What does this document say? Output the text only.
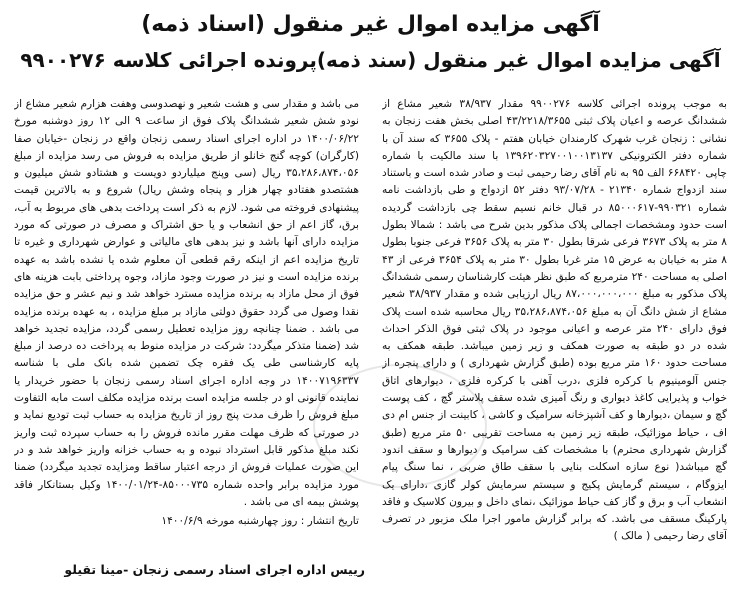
آگهی مزایده اموال غیر منقول (اسناد ذمه)
آگهی مزایده اموال غیر منقول (سند ذمه)پرونده اجرائی کلاسه ۹۹۰۰۲۷۶

به موجب پرونده اجرائی کلاسه ۹۹۰۰۲۷۶ مقدار ۳۸/۹۳۷ شعیر مشاع از ششدانگ عرصه و اعیان پلاک ثبتی ۴۳/۲۲۱۸/۳۶۵۵ اصلی بخش هفت زنجان به نشانی : زنجان غرب شهرک کارمندان خیابان هفتم - پلاک ۳۶۵۵ که سند آن با شماره دفتر الکترونیکی ۱۳۹۶۲۰۳۲۷۰۰۱۰۰۱۳۱۳۷ با سند مالکیت با شماره چاپی ۶۶۸۴۲۰ الف ۹۵ به نام آقای رضا رحیمی ثبت و صادر شده است و باستناد سند ازدواج شماره ۲۱۳۴۰ - ۹۳/۰۷/۲۸ دفتر ۵۲ ازدواج و طی بازداشت نامه شماره ۹۹۰۳۲۱-۸۵۰۰۰۶۱۷ در قبال خانم نسیم سقط چی بازداشت گردیده است حدود ومشخصات اجمالی پلاک مذکور بدین شرح می باشد : شمالا بطول ۸ متر به پلاک ۳۶۷۳ فرعی شرقا بطول ۳۰ متر به پلاک ۳۶۵۶ فرعی جنوبا بطول ۸ متر به خیابان به عرض ۱۵ متر غربا بطول ۳۰ متر به پلاک ۳۶۵۴ فرعی از ۴۳ اصلی به مساحت ۲۴۰ مترمربع که طبق نظر هیئت کارشناسان رسمی ششدانگ پلاک مذکور به مبلغ ۸۷،۰۰۰،۰۰۰،۰۰۰ ریال ارزیابی شده و مقدار ۳۸/۹۳۷ شعیر مشاع از شش دانگ آن به مبلغ ۳۵،۲۸۶،۸۷۴،۰۵۶ ریال محاسبه شده است پلاک فوق دارای ۲۴۰ متر عرصه و اعیانی موجود در پلاک ثبتی فوق الذکر احداث شده در دو طبقه به صورت همکف و زیر زمین میباشد. طبقه همکف به مساحت حدود ۱۶۰ متر مربع بوده (طبق گزارش شهرداری ) و دارای پنجره از جنس آلومینیوم با کرکره فلزی ،درب آهنی با کرکره فلزی ، دیوارهای اتاق خواب و پذیرایی کاغذ دیواری و رنگ آمیزی شده سقف پلاستر گچ ، کف پوست گچ و سیمان ،دیوارها و کف آشپزخانه سرامیک و کاشی ، کابینت از جنس ام دی اف ، حیاط موزائیک، طبقه زیر زمین به مساحت تقریبی ۵۰ متر مربع (طبق گزارش شهرداری محترم) با مشخصات کف سرامیک و دیوارها و سقف اندود گچ میباشد( نوع سازه اسکلت بنایی با سقف طاق ضربی ، نما سنگ پیام ایزوگام ، سیستم گرمایش پکیج و سیستم سرمایش کولر گازی ،دارای یک انشعاب آب و برق و گاز کف حیاط موزائیک ،نمای داخل و بیرون کلاسیک و فاقد پارکینگ مسقف می باشد. که برابر گزارش مامور اجرا ملک مزبور در تصرف آقای رضا رحیمی ( مالک )

می باشد و مقدار سی و هشت شعیر و نهصدوسی وهفت هزارم شعیر مشاع از نودو شش شعیر ششدانگ پلاک فوق از ساعت ۹ الی ۱۲ روز دوشنبه مورخ ۱۴۰۰/۰۶/۲۲ در اداره اجرای اسناد رسمی زنجان واقع در زنجان -خیابان صفا (کارگران) کوچه گنج خانلو از طریق مزایده به فروش می رسد مزایده از مبلغ ۳۵،۲۸۶،۸۷۴،۰۵۶ ریال (سی وپنج میلیاردو دویست و هشتادو شش میلیون و هشتصدو هفتادو چهار هزار و پنجاه وشش ریال) شروع و به بالاترین قیمت پیشنهادی فروخته می شود. لازم به ذکر است پرداخت بدهی های مربوط به آب، برق، گاز اعم از حق انشعاب و یا حق اشتراک و مصرف در صورتی که مورد مزایده دارای آنها باشد و نیز بدهی های مالیاتی و عوارض شهرداری و غیره تا تاریخ مزایده اعم از اینکه رقم قطعی آن معلوم شده یا نشده باشد به عهده برنده مزایده است و نیز در صورت وجود مازاد، وجوه پرداختی بابت هزینه های فوق از محل مازاد به برنده مزایده مسترد خواهد شد و نیم عشر و حق مزایده نقدا وصول می گردد حقوق دولتی مازاد بر مبلغ مزایده ، به عهده برنده مزایده می باشد . ضمنا چنانچه روز مزایده تعطیل رسمی گردد، مزایده تجدید خواهد شد (ضمنا متذکر میگردد: شرکت در مزایده منوط به پرداخت ده درصد از مبلغ پایه کارشناسی طی یک فقره چک تضمین شده بانک ملی با شناسه ۱۴۰۰۷۱۹۶۳۳۷ در وجه اداره اجرای اسناد رسمی زنجان با حضور خریدار یا نماینده قانونی او در جلسه مزایده است برنده مزایده مکلف است مابه التفاوت مبلغ فروش را ظرف مدت پنج روز از تاریخ مزایده به حساب ثبت تودیع نماید و در صورتی که ظرف مهلت مقرر مانده فروش را به حساب سپرده ثبت واریز نکند مبلغ مذکور قابل استرداد نبوده و به حساب خزانه واریز خواهد شد و در این صورت عملیات فروش از درجه اعتبار ساقط ومزایده تجدید میگردد) ضمنا مورد مزایده برابر واحده شماره ۸۵۰۰۰۷۳۵-۱۴۰۰/۰۱/۲۴ وکیل بستانکار فاقد پوشش بیمه ای می باشد .

تاریخ انتشار : روز چهارشنبه مورخه ۱۴۰۰/۶/۹
رییس اداره اجرای اسناد رسمی زنجان -مینا تقیلو
